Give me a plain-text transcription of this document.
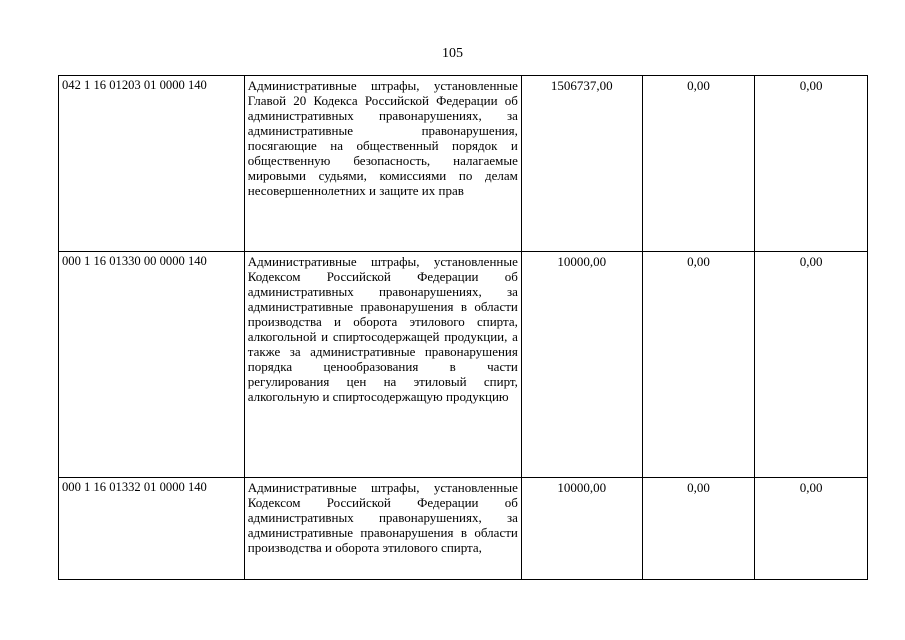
105
042 1 16 01203 01 0000 140	Административные штрафы, установленные Главой 20 Кодекса Российской Федерации об административных правонарушениях, за административные правонарушения, посягающие на общественный порядок и общественную безопасность, налагаемые мировыми судьями, комиссиями по делам несовершеннолетних и защите их прав	1506737,00	0,00	0,00
000 1 16 01330 00 0000 140	Административные штрафы, установленные Кодексом Российской Федерации об административных правонарушениях, за административные правонарушения в области производства и оборота этилового спирта, алкогольной и спиртосодержащей продукции, а также за административные правонарушения порядка ценообразования в части регулирования цен на этиловый спирт, алкогольную и спиртосодержащую продукцию	10000,00	0,00	0,00
000 1 16 01332 01 0000 140	Административные штрафы, установленные Кодексом Российской Федерации об административных правонарушениях, за административные правонарушения в области производства и оборота этилового спирта,	10000,00	0,00	0,00
